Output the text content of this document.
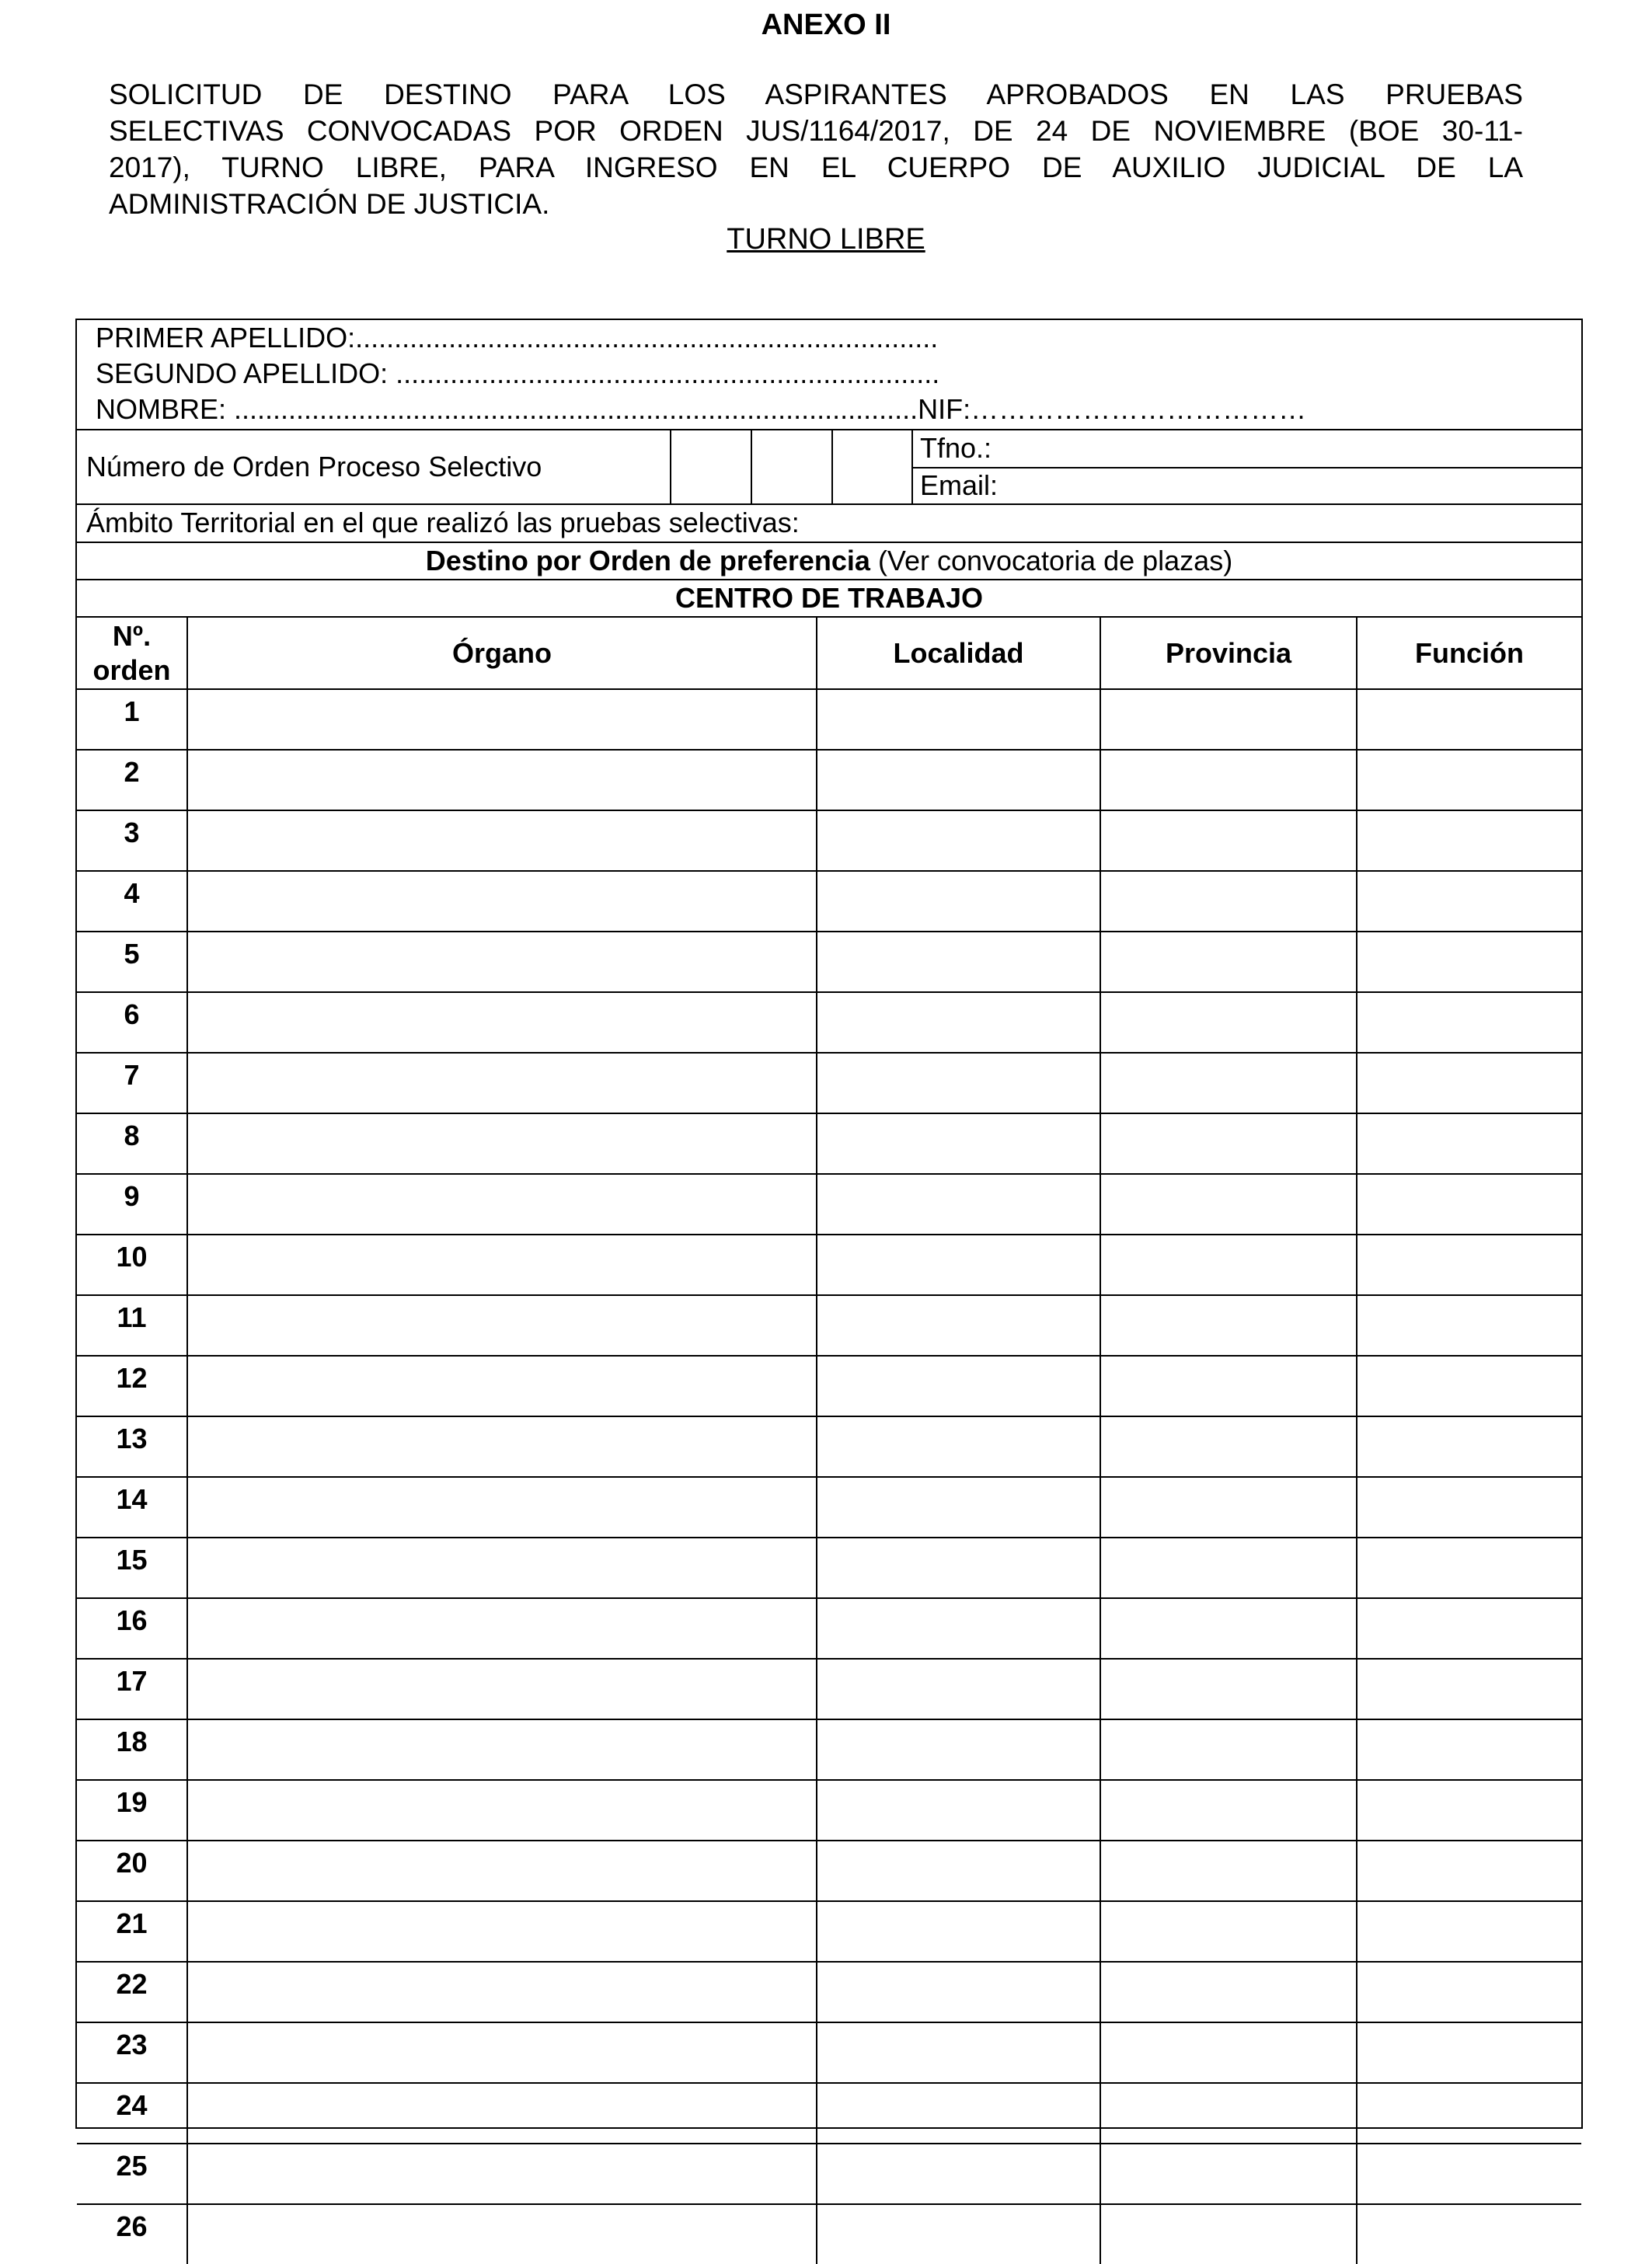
ANEXO II
SOLICITUD DE DESTINO PARA LOS ASPIRANTES APROBADOS EN LAS PRUEBAS
SELECTIVAS CONVOCADAS POR ORDEN JUS/1164/2017, DE 24 DE NOVIEMBRE (BOE 30-11-
2017), TURNO LIBRE, PARA INGRESO EN EL CUERPO DE AUXILIO JUDICIAL DE LA
ADMINISTRACIÓN DE JUSTICIA.
TURNO LIBRE
PRIMER APELLIDO:...........................................................................
SEGUNDO APELLIDO: ......................................................................
NOMBRE: ........................................................................................NIF:………………………………
Número de Orden Proceso Selectivo
Tfno.:
Email:
Ámbito Territorial en el que realizó las pruebas selectivas:
Destino por Orden de preferencia (Ver convocatoria de plazas)
CENTRO DE TRABAJO
Nº.
orden	Órgano	Localidad	Provincia	Función
1				
2				
3				
4				
5				
6				
7				
8				
9				
10				
11				
12				
13				
14				
15				
16				
17				
18				
19				
20				
21				
22				
23				
24				
25				
26				
